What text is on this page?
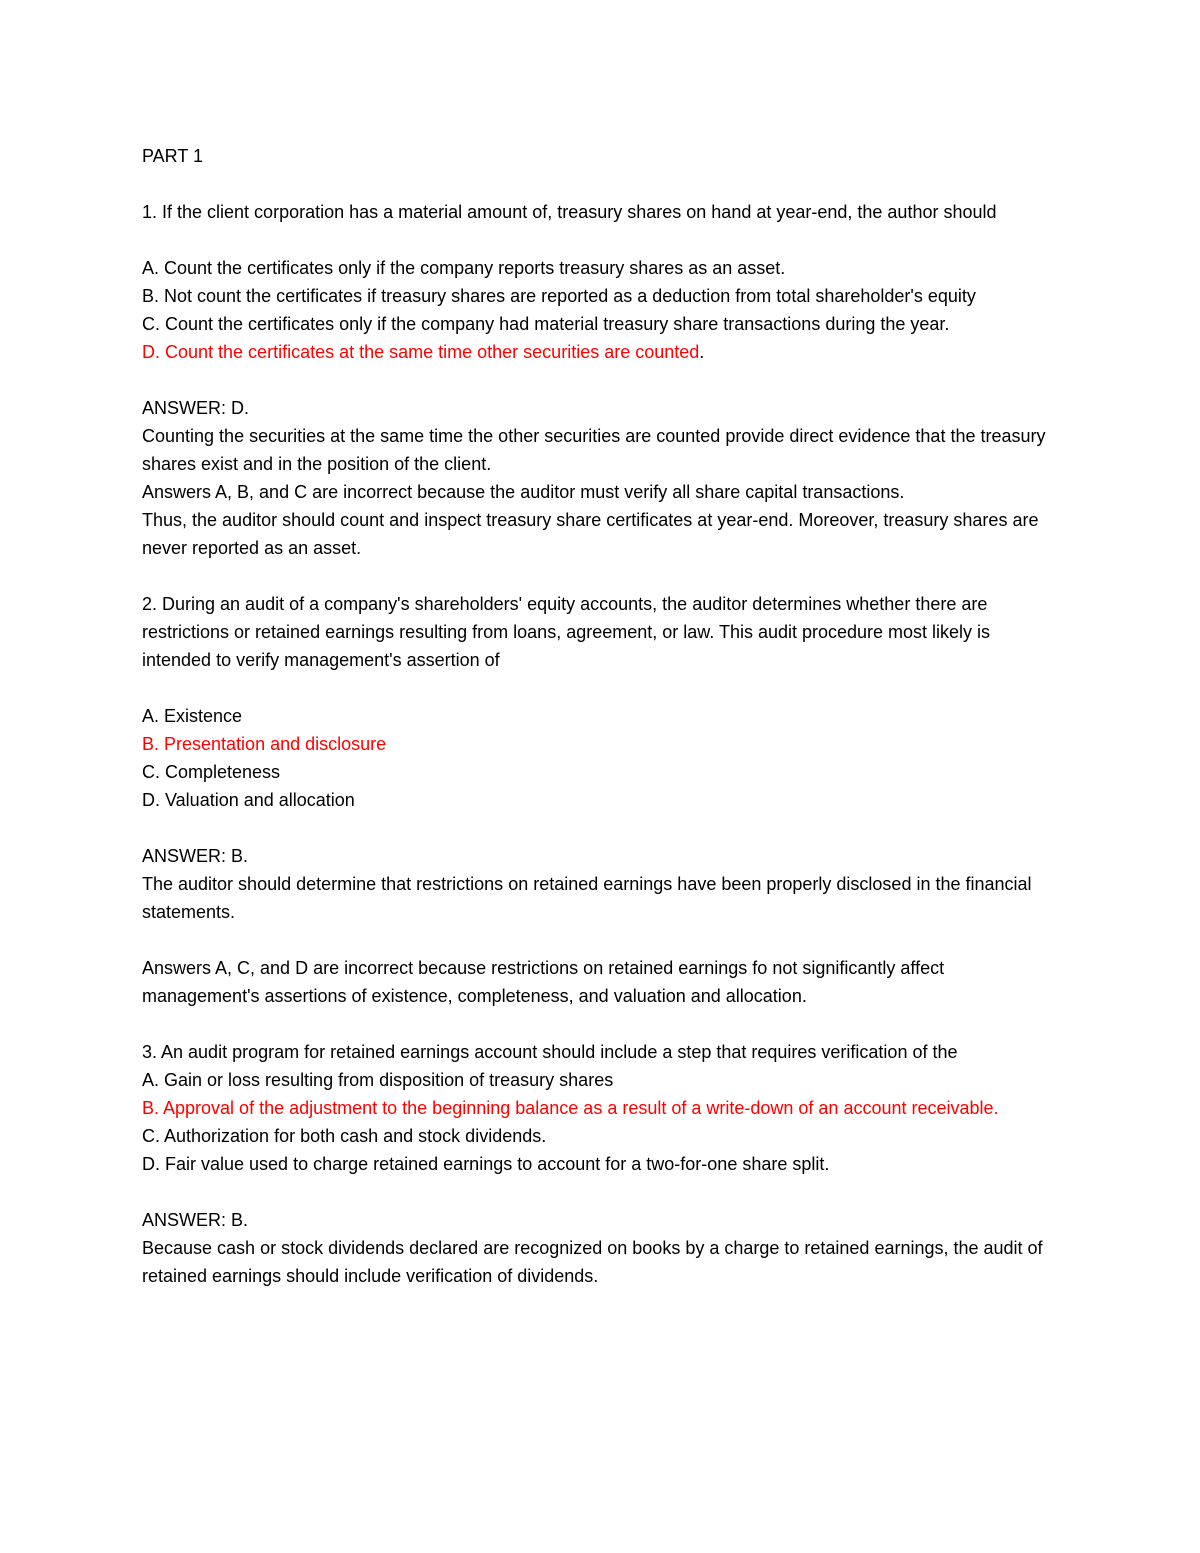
PART 1
1. If the client corporation has a material amount of, treasury shares on hand at year-end, the author should
A. Count the certificates only if the company reports treasury shares as an asset.
B. Not count the certificates if treasury shares are reported as a deduction from total shareholder's equity
C. Count the certificates only if the company had material treasury share transactions during the year.
D. Count the certificates at the same time other securities are counted.
ANSWER: D.
Counting the securities at the same time the other securities are counted provide direct evidence that the treasury shares exist and in the position of the client.
Answers A, B, and C are incorrect because the auditor must verify all share capital transactions.
Thus, the auditor should count and inspect treasury share certificates at year-end. Moreover, treasury shares are never reported as an asset.
2. During an audit of a company's shareholders' equity accounts, the auditor determines whether there are restrictions or retained earnings resulting from loans, agreement, or law. This audit procedure most likely is intended to verify management's assertion of
A. Existence
B. Presentation and disclosure
C. Completeness
D. Valuation and allocation
ANSWER: B.
The auditor should determine that restrictions on retained earnings have been properly disclosed in the financial statements.
Answers A, C, and D are incorrect because restrictions on retained earnings fo not significantly affect management's assertions of existence, completeness, and valuation and allocation.
3. An audit program for retained earnings account should include a step that requires verification of the
A. Gain or loss resulting from disposition of treasury shares
B. Approval of the adjustment to the beginning balance as a result of a write-down of an account receivable.
C. Authorization for both cash and stock dividends.
D. Fair value used to charge retained earnings to account for a two-for-one share split.
ANSWER: B.
Because cash or stock dividends declared are recognized on books by a charge to retained earnings, the audit of retained earnings should include verification of dividends.
